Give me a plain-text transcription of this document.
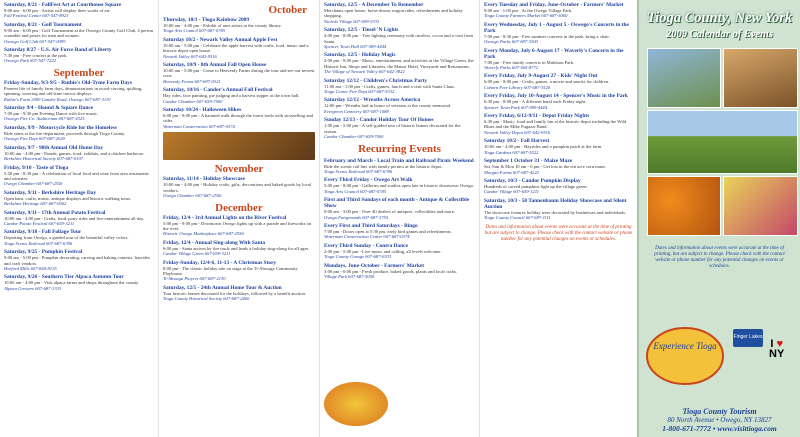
Saturday, 8/21 - FallFest Art at Courthouse Square
9:00 am - 6:00 pm - Artists will display their works of art.
Fall Festival Center 607-547-8923
Saturday, 8/21 - Golf Tournament
9:00 am - 6:00 pm - Golf Tournament at the Oswego County Golf Club, 4 person scramble and prizes for men and women.
Oswego Golf Club 607-547-0099
Saturday 8/27 - U.S. Air Force Band of Liberty
7:30 pm - Free concert at the park.
Oswego Park 607-547-7222
September
Friday-Sunday, 9/3-9/5 - Ruthie's Old-Tyme Farm Days
Pioneer life of family farm days, demonstrations in wood-carving, quilting, spinning, weaving and old-time tractor displays.
Ruthie's Farm 2099 Candor Road, Oswego 607-687-3119
Saturday 9/4 - Hound & Square Dance
7:00 pm - 9:30 pm Evening Dance with live music.
Oswego Fire Co. Auditorium 607-687-4325
Saturday, 9/9 - Motorcycle Ride for the Homeless
Ride starts at the fire department, proceeds through Tioga County.
Oswego Fire Dept 607-687-2020
Saturday, 9/7 - 98th Annual Old Home Day
10:00 am - 4:00 pm - Parade, games, food, exhibits, and a chicken barbecue.
Berkshire Historical Society 607-687-0107
Friday, 9/10 - Taste of Tioga
5:30 pm - 8:30 pm - A celebration of local food and wine from area restaurants and wineries.
Owego Chamber 607-687-2556
Saturday, 9/11 - Berkshire Heritage Day
Open barn, crafts, music, antique displays and historic walking tours.
Berkshire Heritage 607-687-0062
Saturday, 9/11 - 17th Annual Potato Festival
10:00 am - 4:00 pm - Crafts, food, pony rides and live entertainment all day.
Candor Potato Festival 607-659-3211
Saturday, 9/18 - Fall Foliage Tour
Departing from Owego, a guided tour of the beautiful valley colors.
Tioga Scenic Railroad 607-687-6786
Saturday, 9/25 - Pumpkin Festival
9:00 am - 5:00 pm - Pumpkin decorating, carving and baking contests, hayrides and craft vendors.
Harford Mills 607-844-8135
Saturday, 9/26 - Southern Tier Alpaca Autumn Tour
10:00 am - 4:00 pm - Visit alpaca farms and shops throughout the county.
Alpaca Growers 607-687-3333
October
Thursday, 10/1 - Tioga Rainbow 2009
10:00 am - 4:00 pm - Exhibit of area artists at the county library.
Tioga Arts Council 607-687-0785
Saturday 10/2 - Newark Valley Annual Apple Fest
10:00 am - 5:00 pm - Celebrate the apple harvest with crafts, food, music and a historic depot open house.
Newark Valley 607-642-9516
Saturday, 10/9 - 8th Annual Fall Open House
10:00 am - 5:00 pm - Come to Heavenly Farms during the tour and see our newest crew.
Heavenly Farms 607-687-0321
Saturday, 10/16 - Candor's Annual Fall Festival
Hay rides, face painting, pie judging and a harvest supper at the town hall.
Candor Chamber 607-659-7000
Saturday 10/24 - Halloween Hikes
6:00 pm - 9:00 pm - A haunted walk through the forest trails with storytelling and cider.
Waterman Conservation 607-687-0374
November
Saturday, 11/14 - Holiday Showcase
10:00 am - 4:00 pm - Holiday crafts, gifts, decorations and baked goods by local vendors.
Owego Chamber 607-687-2556
December
Friday, 12/4 - 3rd Annual Lights on the River Festival
5:00 pm - 9:00 pm - Downtown Owego lights up with a parade and fireworks on the river.
Historic Owego Marketplace 607-687-2556
Friday, 12/4 - Annual Sing-along With Santa
6:00 pm - Santa arrives by fire truck and leads a holiday sing-along for all ages.
Candor Village Green 607-659-3211
Friday-Sunday, 12/4-6, 11-13 - A Christmas Story
8:00 pm - The classic holiday tale on stage at the Ti-Ahwaga Community Playhouse.
Ti-Ahwaga Players 607-687-2130
Saturday, 12/5 - 24th Annual Home Tour & Auction
Tour historic homes decorated for the holidays, followed by a benefit auction.
Tioga County Historical Society 607-687-2460
Saturday, 12/5 - A December To Remember
Merchants open house, horse-drawn wagon rides, refreshments and holiday shopping.
Nichols Village 607-699-3333
Saturday, 12/5 - Tinsel 'N Lights
4:00 pm - 8:00 pm - Tree lighting ceremony with carolers, cocoa and a visit from Santa.
Spencer Town Hall 607-589-4444
Saturday, 12/5 - Holiday Magic
2:00 pm - 8:00 pm - Music, entertainment, and activities at the Village Green, the Historic Inn, Shops and Libraries, the Manor Hotel, Vineyards and Restaurants.
The Village of Newark Valley 607-642-3822
Saturday 12/12 - Children's Christmas Party
11:00 am - 1:00 pm - Crafts, games, lunch and a visit with Santa Claus.
Tioga Center Fire Dept 607-687-5332
Saturday 12/12 - Wreaths Across America
12:00 pm - Wreaths laid in honor of veterans at the county memorial.
Evergreen Cemetery 607-687-1088
Sunday 12/13 - Candor Holiday Tour Of Homes
1:00 pm - 5:00 pm - A self-guided tour of historic homes decorated for the season.
Candor Chamber 607-659-7000
Recurring Events
February and March - Local Train and Railroad Picnic Weekend
Ride the scenic rail line with family picnics at the historic depot.
Tioga Scenic Railroad 607-687-6786
Every Third Friday - Owego Art Walk
5:00 pm - 8:00 pm - Galleries and studios open late in historic downtown Owego.
Tioga Arts Council 607-687-0785
First and Third Sundays of each month - Antique & Collectible Show
9:00 am - 3:00 pm - Over 40 dealers of antiques, collectibles and more.
Owego Fairgrounds 607-687-3755
Every First and Third Saturdays - Bingo
7:00 pm - Doors open at 5:30 pm, early bird games and refreshments.
Waterman Conservation Center 607-687-0374
Every Third Sunday - Contra Dance
2:00 pm - 5:00 pm - Live music and calling, all levels welcome.
Tioga County Grange 607-687-0333
Mondays, June-October - Farmers' Market
3:00 pm - 6:00 pm - Fresh produce, baked goods, plants and local crafts.
Village Park 607-687-5000
Every Tuesday and Friday, June-October - Farmers' Market
9:00 am - 1:00 pm - At the Owego Village Park.
Tioga County Farmers Market 607-687-5000
Every Wednesday, July 1 - August 5 - Oswego's Concerts in the Park
7:00 pm - 8:30 pm - Free summer concerts in the park, bring a chair.
Oswego Parks 607-687-3300
Every Monday, July 6-August 17 - Waverly's Concerts in the Park
7:00 pm - Free family concerts in Muldoon Park.
Waverly Parks 607-565-8772
Every Friday, July 9-August 27 - Kids' Night Out
6:00 pm - 8:00 pm - Crafts, games, a movie and snacks for children.
Coburn Free Library 607-687-3520
Every Friday, July 10-August 14 - Spencer's Music in the Park
6:30 pm - 8:00 pm - A different band each Friday night.
Spencer Town Park 607-589-4444
Every Friday, 6/12-9/11 - Depot Friday Nights
6:30 pm - Music, food and family fun at the historic depot including the Wild Blues and the Mike Fugazzi Band.
Newark Valley Depot 607-642-9516
Saturday 10/2 - Fall Harvest
10:00 am - 4:00 pm - Hayrides and a pumpkin patch at the farm.
Tioga Gardens 607-687-5522
September 1 October 31 - Maize Maze
Sat, Sun & Mon 10 am - 6 pm - Get lost in the ten acre corn maze.
Morgan Farms 607-687-4222
Saturday, 10/3 - Candor Pumpkin Display
Hundreds of carved pumpkins light up the village green.
Candor Village 607-659-3211
Saturday, 10/3 - 50 Tannenbaum Holiday Showcase and Silent Auction
The showcase features holiday trees decorated by businesses and individuals.
Tioga County Council 607-687-1111
Dates and information about events were accurate at the time of printing but are subject to change. Please check with the contact website or phone number for any potential changes on events or schedules.
Tioga County, New York
2009 Calendar of Events
Dates and information about events were accurate at the time of printing, but are subject to change. Please check with the contact website or phone number for any potential changes on events or schedules.
Experience Tioga
Finger Lakes
I ♥
NY
Tioga County Tourism
80 North Avenue • Owego, NY 13827
1-800-671-7772 • www.visittioga.com
